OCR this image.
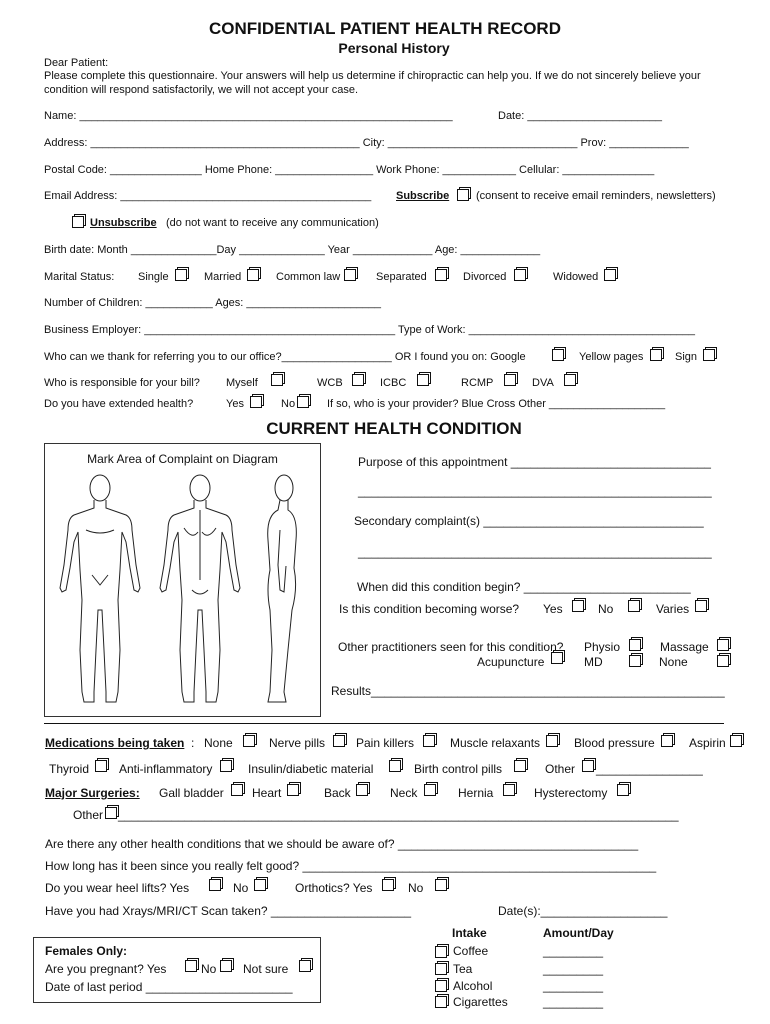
CONFIDENTIAL PATIENT HEALTH RECORD
Personal History
Dear Patient:
Please complete this questionnaire. Your answers will help us determine if chiropractic can help you. If we do not sincerely believe your
condition will respond satisfactorily, we will not accept your case.
Name: _____________________________________________________________	Date: ______________________
Address: ____________________________________________ City: _______________________________ Prov: _____________
Postal Code: _______________ Home Phone: ________________ Work Phone: ____________ Cellular: _______________
Email Address: _________________________________________ Subscribe (consent to receive email reminders, newsletters)
Unsubscribe (do not want to receive any communication)
Birth date: Month ______________Day ______________ Year _____________ Age: _____________
Marital Status: Single	Married	Common law	Separated	Divorced	Widowed
Number of Children: ___________ Ages: ______________________
Business Employer: _________________________________________ Type of Work: _____________________________________
Who can we thank for referring you to our office?__________________ OR I found you on: Google	Yellow pages	Sign
Who is responsible for your bill? Myself	WCB	ICBC	RCMP	DVA
Do you have extended health?	Yes	No	If so, who is your provider? Blue Cross Other ___________________
CURRENT HEALTH CONDITION
Mark Area of Complaint on Diagram	Purpose of this appointment ______________________________
_____________________________________________________
Secondary complaint(s) _________________________________
_____________________________________________________
When did this condition begin? _________________________
Is this condition becoming worse? Yes	No	Varies
Other practitioners seen for this condition? Physio	Massage
Acupuncture	MD	None
Results_____________________________________________________
Medications being taken : None	Nerve pills	Pain killers	Muscle relaxants	Blood pressure	Aspirin
Thyroid Anti-inflammatory	Insulin/diabetic material	Birth control pills	Other ________________
Major Surgeries: Gall bladder Heart	Back	Neck	Hernia	Hysterectomy
Other ____________________________________________________________________________________
Are there any other health conditions that we should be aware of? ____________________________________
How long has it been since you really felt good? _____________________________________________________
Do you wear heel lifts? Yes	No	Orthotics? Yes	No
Have you had Xrays/MRI/CT Scan taken? _____________________	Date(s):___________________
Females Only:
Are you pregnant? Yes	No Not sure
Date of last period ______________________
Intake	Amount/Day
Coffee	_________
Tea	_________
Alcohol	_________
Cigarettes	_________
